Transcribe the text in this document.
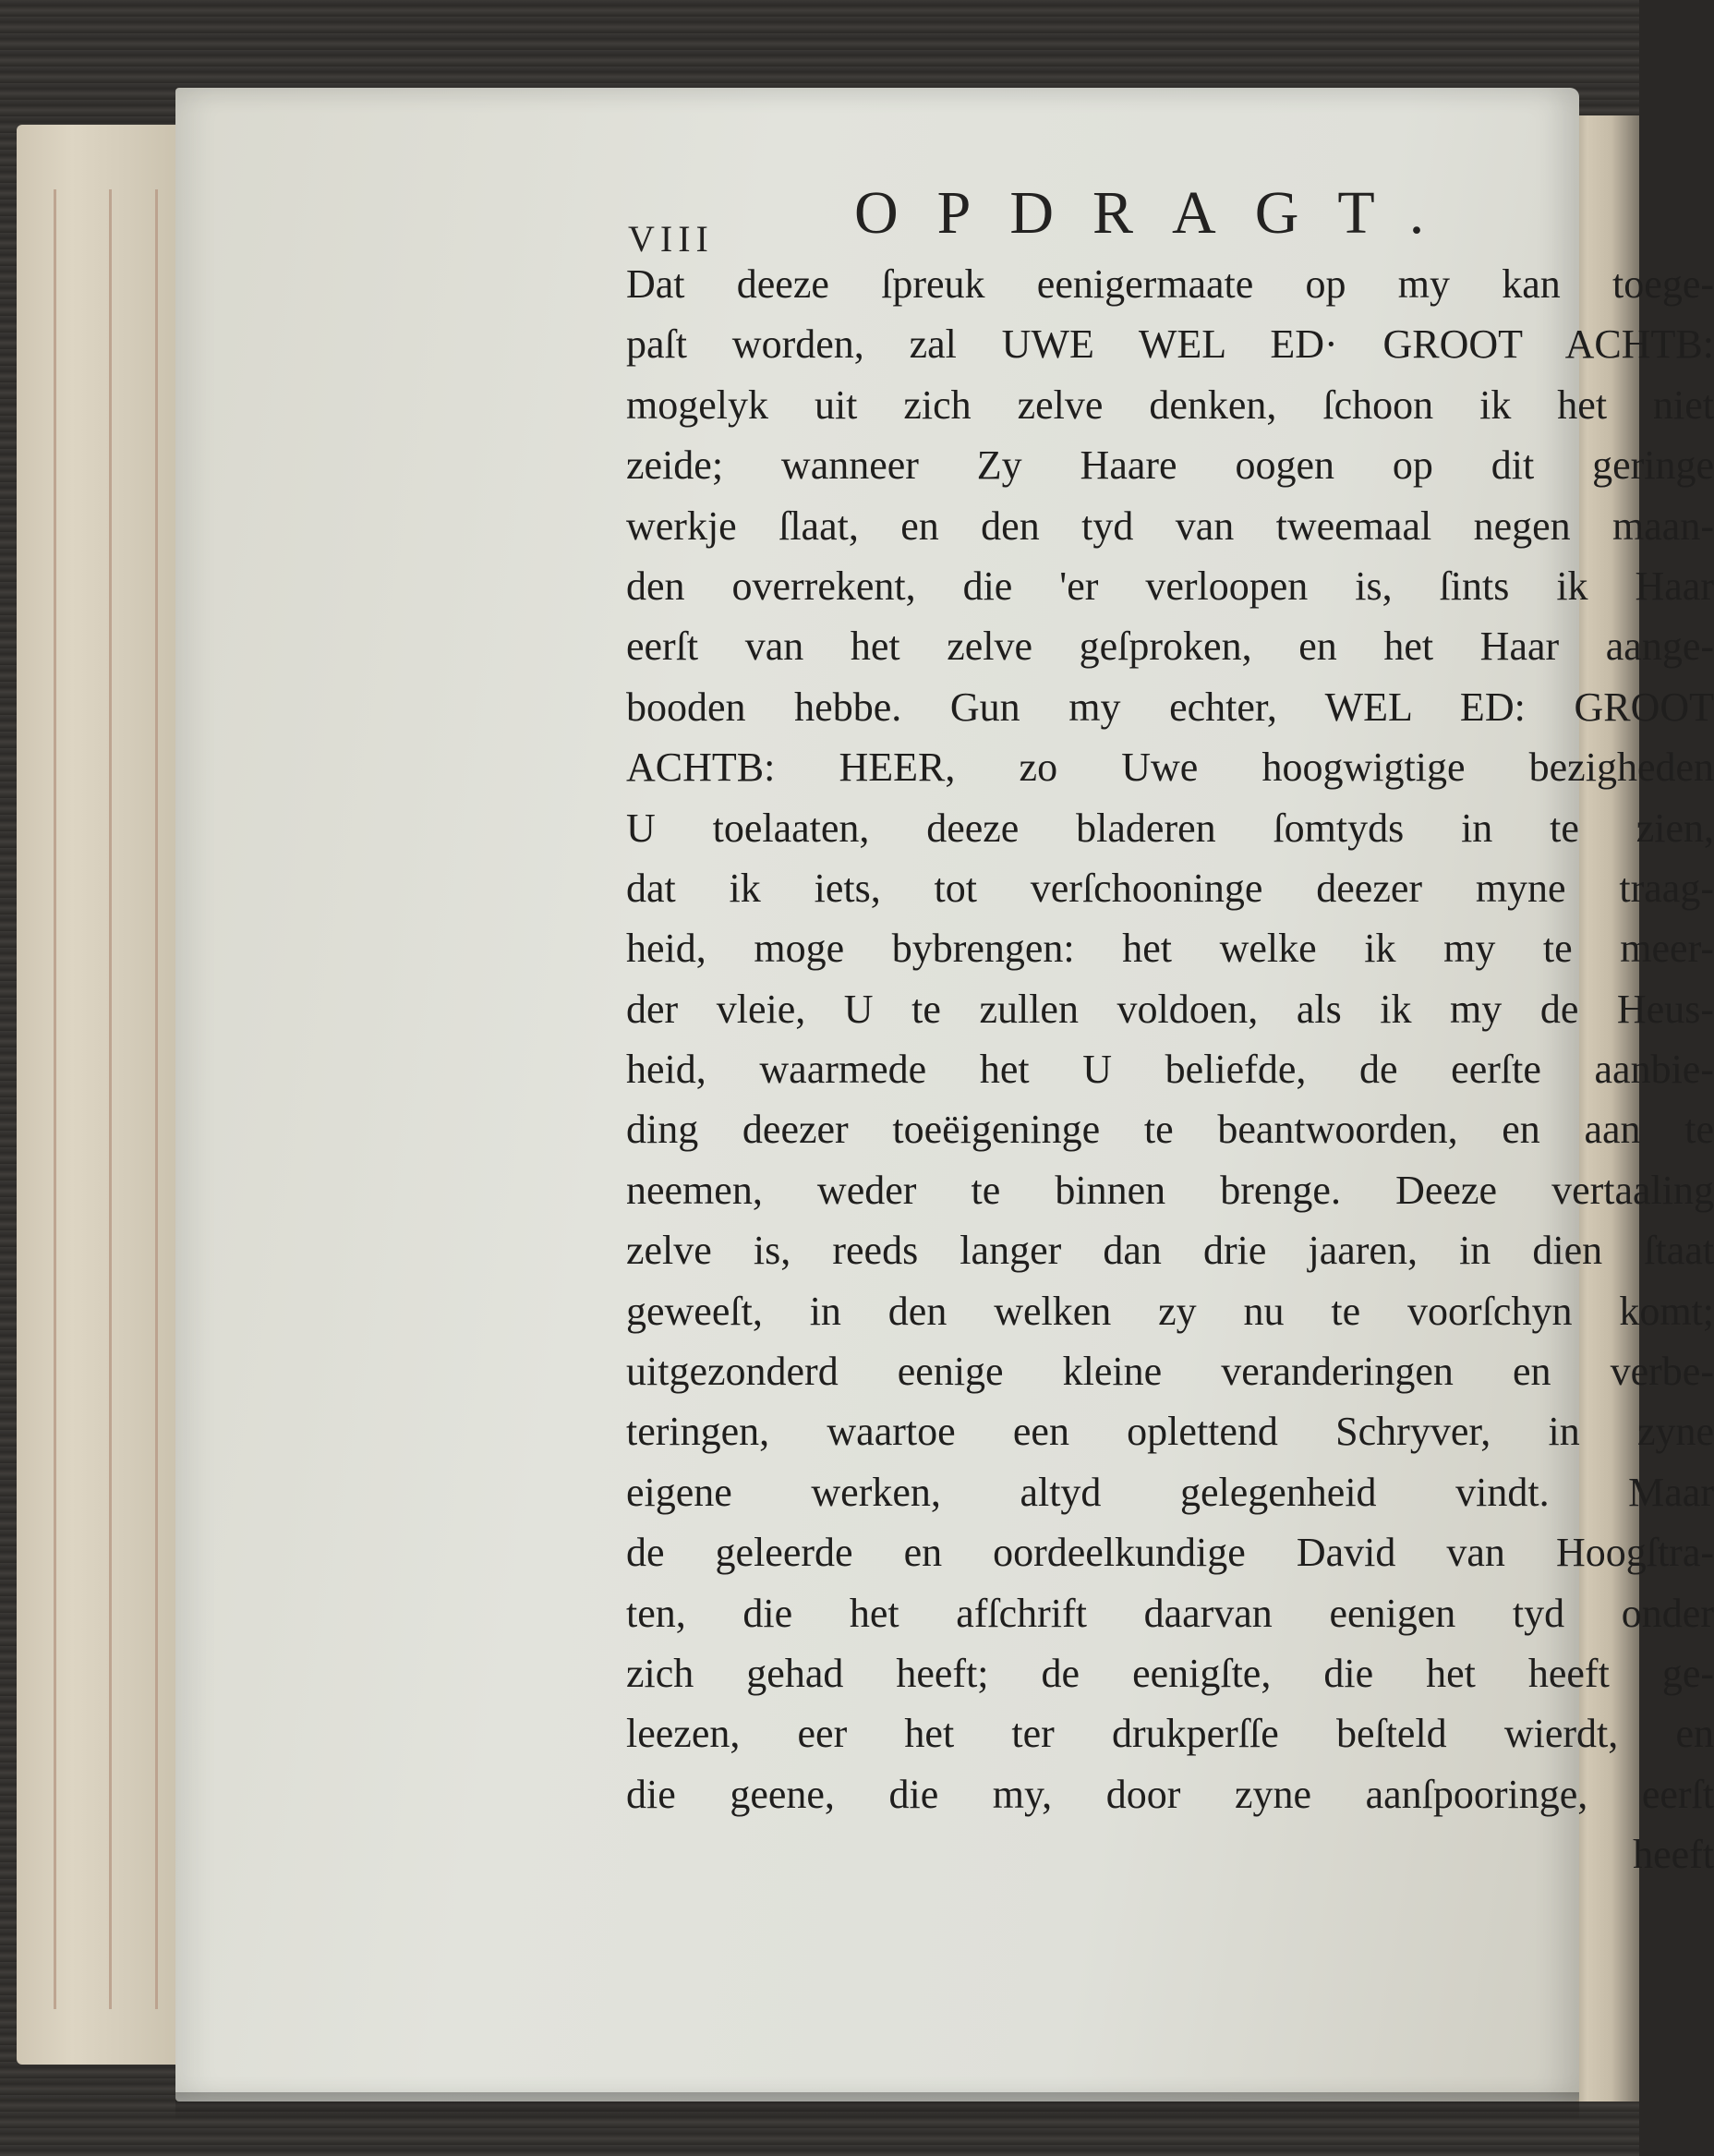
VIII OPDRAGT.
Dat deeze ſpreuk eenigermaate op my kan toege-
paſt worden, zal UWE WEL ED· GROOT ACHTB:
mogelyk uit zich zelve denken, ſchoon ik het niet
zeide; wanneer Zy Haare oogen op dit geringe
werkje ſlaat, en den tyd van tweemaal negen maan-
den overrekent, die 'er verloopen is, ſints ik Haar
eerſt van het zelve geſproken, en het Haar aange-
booden hebbe. Gun my echter, WEL ED: GROOT
ACHTB: HEER, zo Uwe hoogwigtige bezigheden
U toelaaten, deeze bladeren ſomtyds in te zien,
dat ik iets, tot verſchooninge deezer myne traag-
heid, moge bybrengen: het welke ik my te meer-
der vleie, U te zullen voldoen, als ik my de Heus-
heid, waarmede het U beliefde, de eerſte aanbie-
ding deezer toeëigeninge te beantwoorden, en aan te
neemen, weder te binnen brenge. Deeze vertaaling
zelve is, reeds langer dan drie jaaren, in dien ſtaat
geweeſt, in den welken zy nu te voorſchyn komt;
uitgezonderd eenige kleine veranderingen en verbe-
teringen, waartoe een oplettend Schryver, in zyne
eigene werken, altyd gelegenheid vindt. Maar
de geleerde en oordeelkundige David van Hoogſtra-
ten, die het afſchrift daarvan eenigen tyd onder
zich gehad heeft; de eenigſte, die het heeft ge-
leezen, eer het ter drukperſſe beſteld wierdt, en
die geene, die my, door zyne aanſpooringe, eerſt
heeft
